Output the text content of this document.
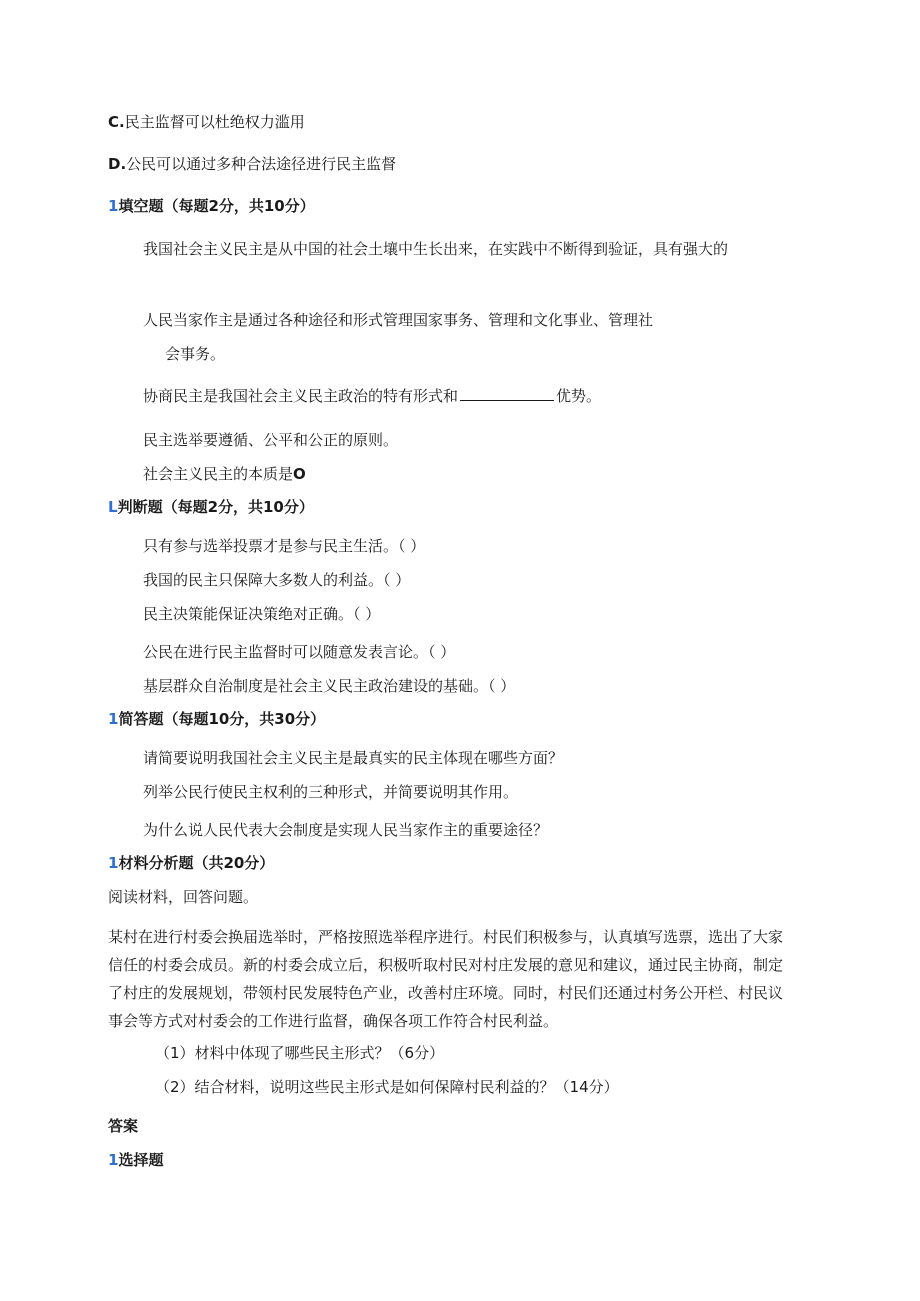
C.民主监督可以杜绝权力滥用
D.公民可以通过多种合法途径进行民主监督
1填空题（每题2分，共10分）
我国社会主义民主是从中国的社会土壤中生长出来，在实践中不断得到验证，具有强大的
人民当家作主是通过各种途径和形式管理国家事务、管理和文化事业、管理社
会事务。
协商民主是我国社会主义民主政治的特有形式和	优势。
民主选举要遵循、公平和公正的原则。
社会主义民主的本质是O
L判断题（每题2分，共10分）
只有参与选举投票才是参与民主生活。（ ）
我国的民主只保障大多数人的利益。（ ）
民主决策能保证决策绝对正确。（ ）
公民在进行民主监督时可以随意发表言论。（ ）
基层群众自治制度是社会主义民主政治建设的基础。（ ）
1简答题（每题10分，共30分）
请简要说明我国社会主义民主是最真实的民主体现在哪些方面？
列举公民行使民主权利的三种形式，并简要说明其作用。
为什么说人民代表大会制度是实现人民当家作主的重要途径？
1材料分析题（共20分）
阅读材料，回答问题。
某村在进行村委会换届选举时，严格按照选举程序进行。村民们积极参与，认真填写选票，选出了大家
信任的村委会成员。新的村委会成立后，积极听取村民对村庄发展的意见和建议，通过民主协商，制定
了村庄的发展规划，带领村民发展特色产业，改善村庄环境。同时，村民们还通过村务公开栏、村民议
事会等方式对村委会的工作进行监督，确保各项工作符合村民利益。
（1）材料中体现了哪些民主形式？（6分）
（2）结合材料，说明这些民主形式是如何保障村民利益的？（14分）
答案
1选择题
